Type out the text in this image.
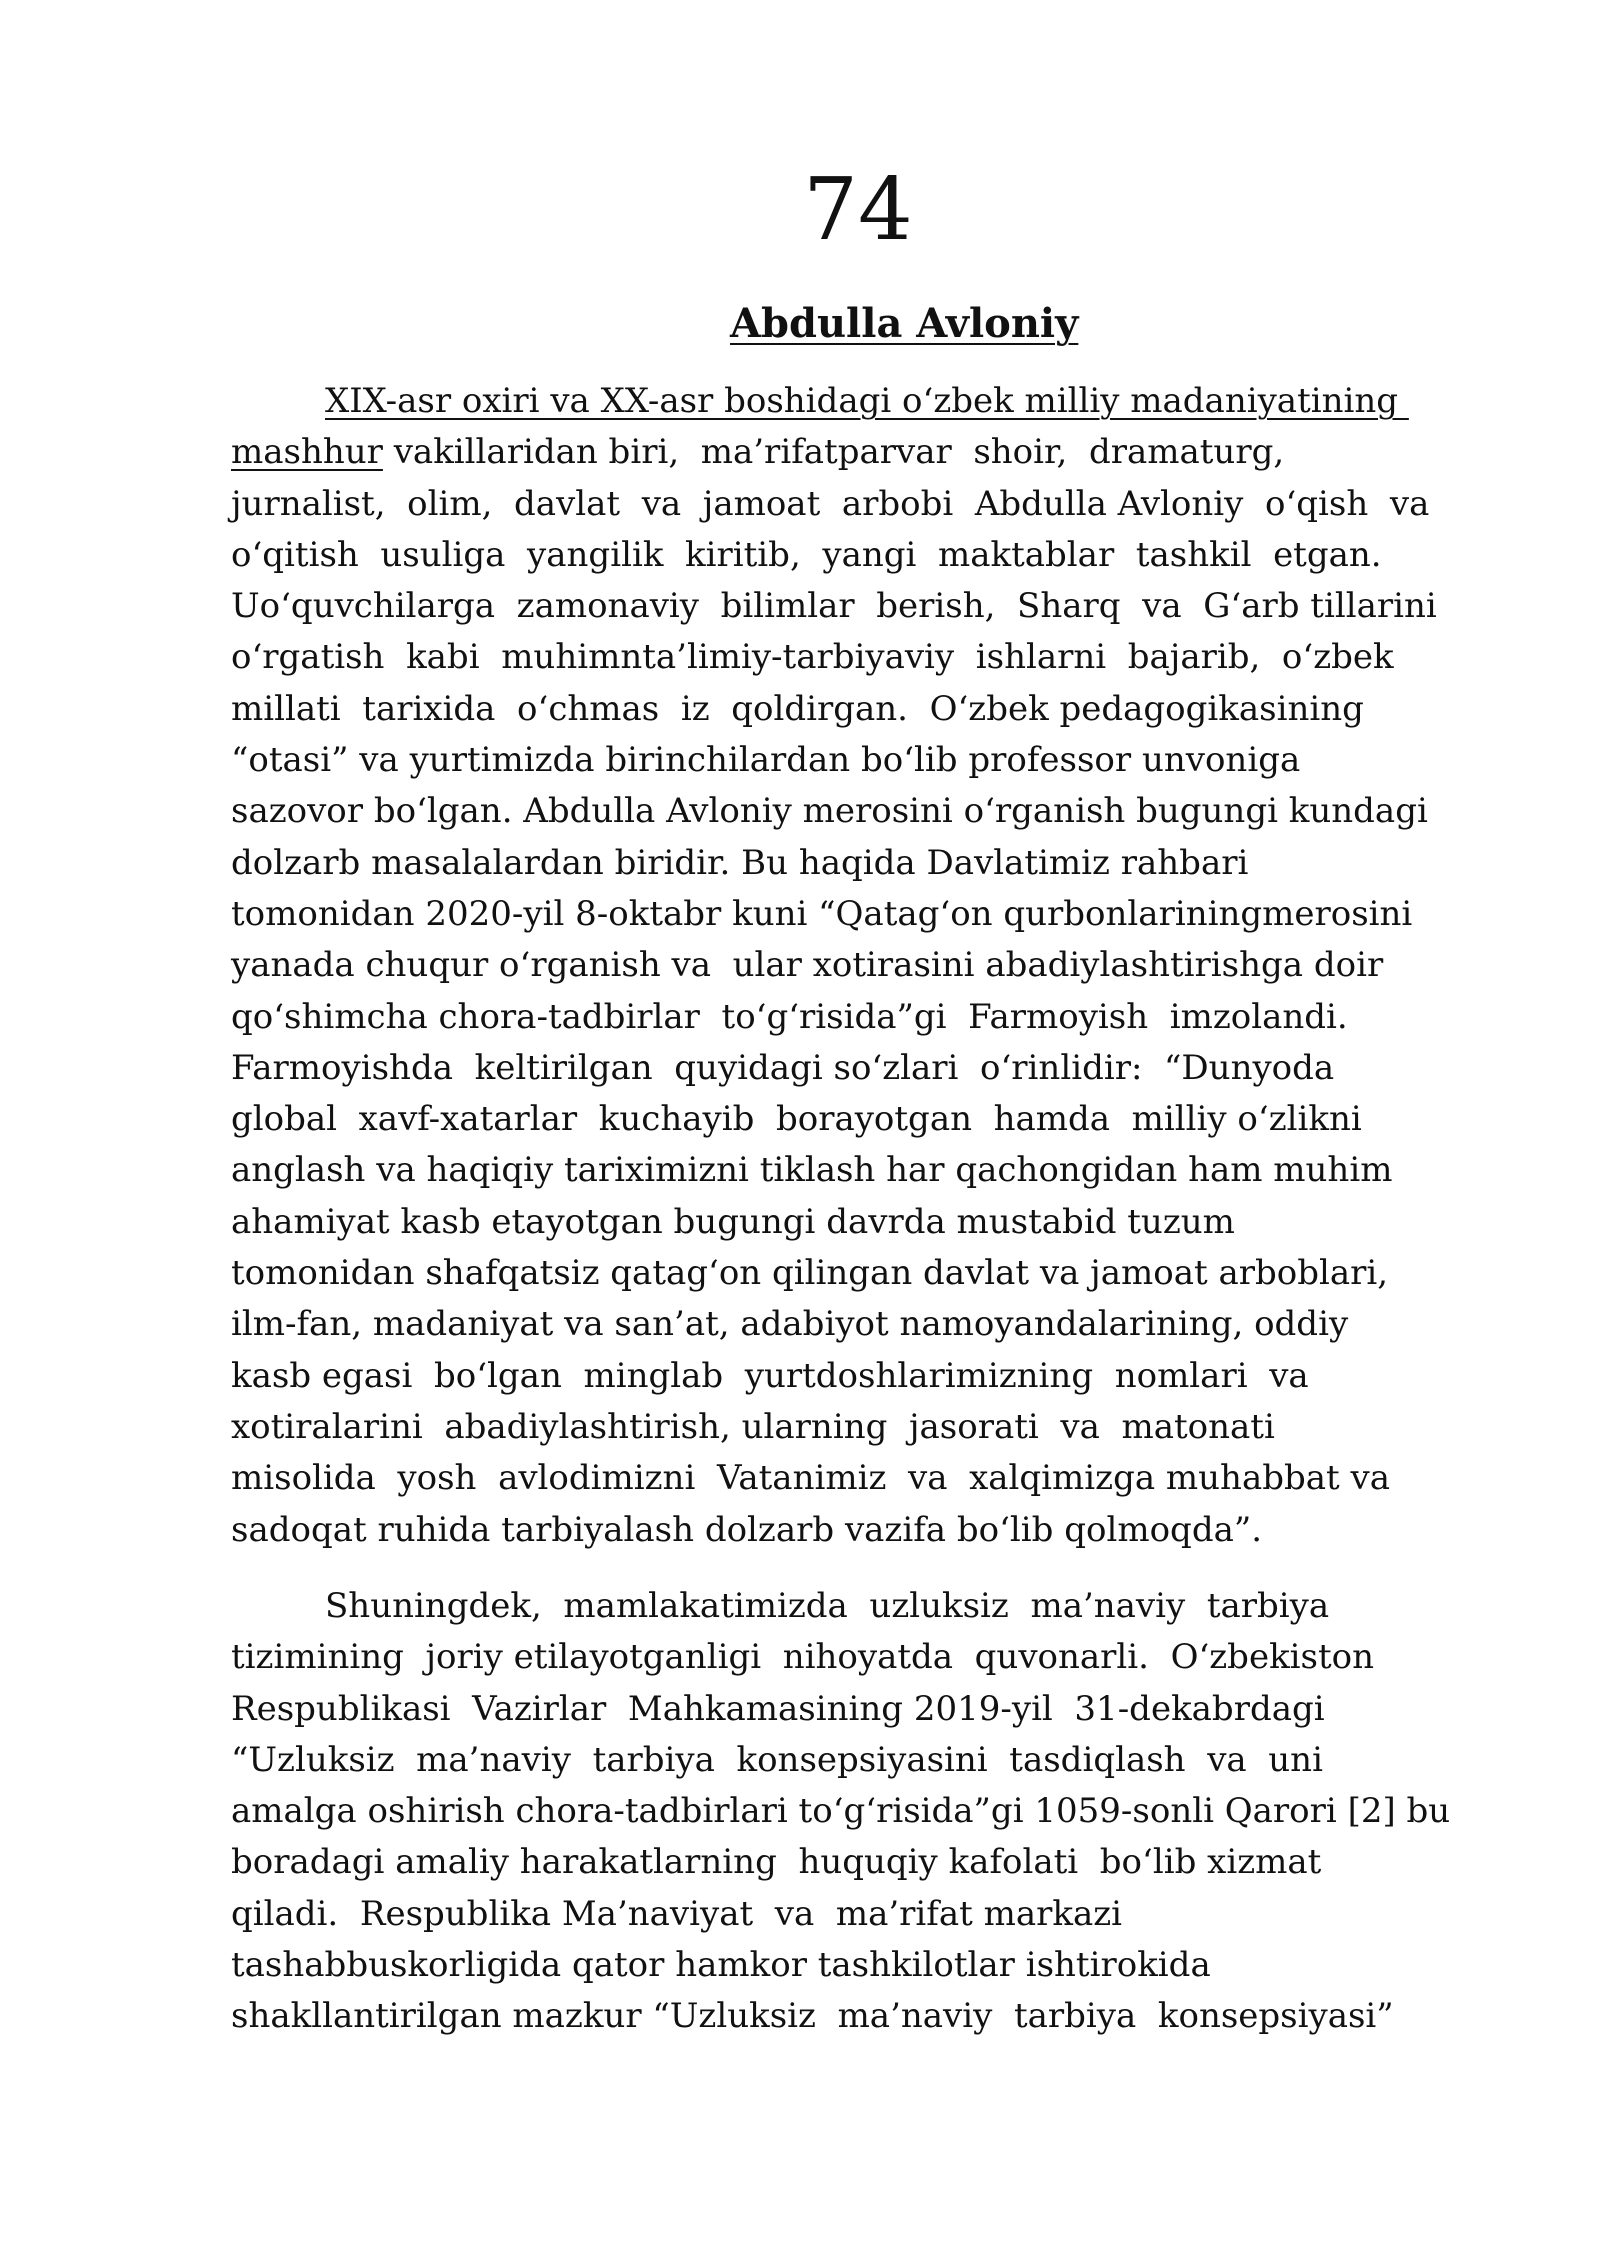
74
Abdulla Avloniy
XIX-asr oxiri va XX-asr boshidagi o‘zbek milliy madaniyatining
mashhur vakillaridan biri,  ma’rifatparvar  shoir,  dramaturg,
jurnalist,  olim,  davlat  va  jamoat  arbobi  Abdulla Avloniy  o‘qish  va
o‘qitish  usuliga  yangilik  kiritib,  yangi  maktablar  tashkil  etgan.
Uo‘quvchilarga  zamonaviy  bilimlar  berish,  Sharq  va  G‘arb tillarini
o‘rgatish  kabi  muhimnta’limiy-tarbiyaviy  ishlarni  bajarib,  o‘zbek
millati  tarixida  o‘chmas  iz  qoldirgan.  O‘zbek pedagogikasining
“otasi” va yurtimizda birinchilardan bo‘lib professor unvoniga
sazovor bo‘lgan. Abdulla Avloniy merosini o‘rganish bugungi kundagi
dolzarb masalalardan biridir. Bu haqida Davlatimiz rahbari
tomonidan 2020-yil 8-oktabr kuni “Qatag‘on qurbonlariningmerosini
yanada chuqur o‘rganish va  ular xotirasini abadiylashtirishga doir
qo‘shimcha chora-tadbirlar  to‘g‘risida”gi  Farmoyish  imzolandi.
Farmoyishda  keltirilgan  quyidagi so‘zlari  o‘rinlidir:  “Dunyoda
global  xavf-xatarlar  kuchayib  borayotgan  hamda  milliy o‘zlikni
anglash va haqiqiy tariximizni tiklash har qachongidan ham muhim
ahamiyat kasb etayotgan bugungi davrda mustabid tuzum
tomonidan shafqatsiz qatag‘on qilingan davlat va jamoat arboblari,
ilm-fan, madaniyat va san’at, adabiyot namoyandalarining, oddiy
kasb egasi  bo‘lgan  minglab  yurtdoshlarimizning  nomlari  va
xotiralarini  abadiylashtirish, ularning  jasorati  va  matonati
misolida  yosh  avlodimizni  Vatanimiz  va  xalqimizga muhabbat va
sadoqat ruhida tarbiyalash dolzarb vazifa bo‘lib qolmoqda”.
Shuningdek,  mamlakatimizda  uzluksiz  ma’naviy  tarbiya
tizimining  joriy etilayotganligi  nihoyatda  quvonarli.  O‘zbekiston
Respublikasi  Vazirlar  Mahkamasining 2019-yil  31-dekabrdagi
“Uzluksiz  ma’naviy  tarbiya  konsepsiyasini  tasdiqlash  va  uni
amalga oshirish chora-tadbirlari to‘g‘risida”gi 1059-sonli Qarori [2] bu
boradagi amaliy harakatlarning  huquqiy kafolati  bo‘lib xizmat
qiladi.  Respublika Ma’naviyat  va  ma’rifat markazi
tashabbuskorligida qator hamkor tashkilotlar ishtirokida
shakllantirilgan mazkur “Uzluksiz  ma’naviy  tarbiya  konsepsiyasi”
